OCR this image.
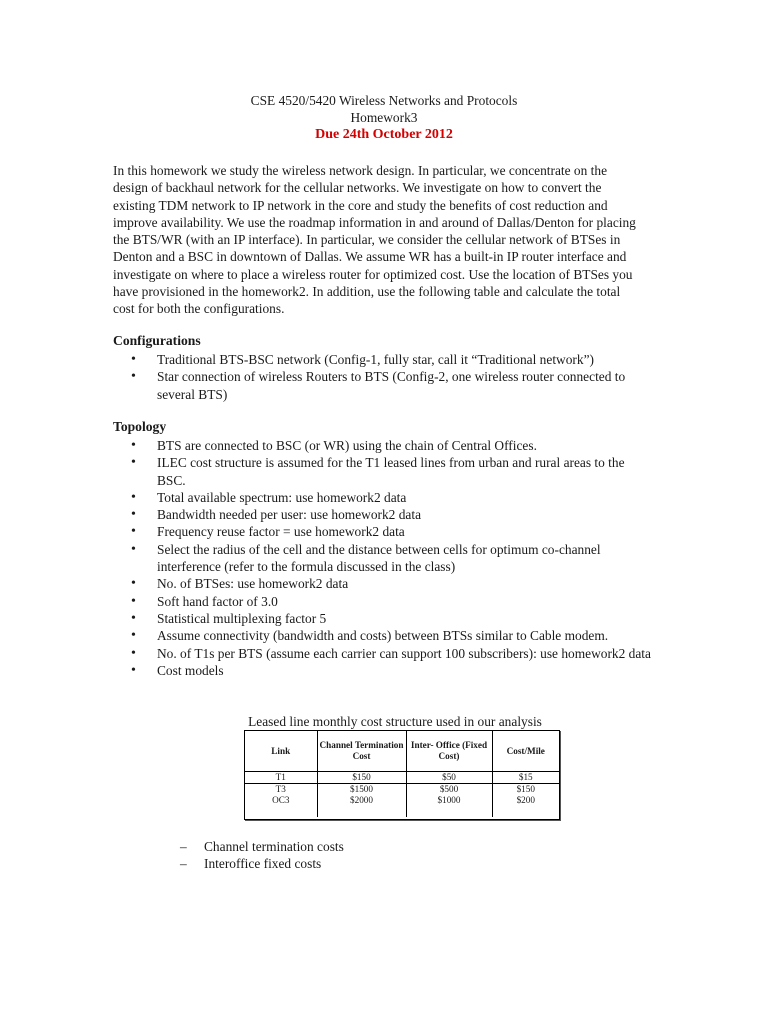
CSE 4520/5420 Wireless Networks and Protocols
Homework3
Due 24th October 2012

In this homework we study the wireless network design. In particular, we concentrate on the design of backhaul network for the cellular networks. We investigate on how to convert the existing TDM network to IP network in the core and study the benefits of cost reduction and improve availability. We use the roadmap information in and around of Dallas/Denton for placing the BTS/WR (with an IP interface). In particular, we consider the cellular network of BTSes in Denton and a BSC in downtown of Dallas. We assume WR has a built-in IP router interface and investigate on where to place a wireless router for optimized cost. Use the location of BTSes you have provisioned in the homework2. In addition, use the following table and calculate the total cost for both the configurations.

Configurations
• Traditional BTS-BSC network (Config-1, fully star, call it “Traditional network”)
• Star connection of wireless Routers to BTS (Config-2, one wireless router connected to several BTS)
Topology
• BTS are connected to BSC (or WR) using the chain of Central Offices.
• ILEC cost structure is assumed for the T1 leased lines from urban and rural areas to the BSC.
• Total available spectrum: use homework2 data
• Bandwidth needed per user: use homework2 data
• Frequency reuse factor = use homework2 data
• Select the radius of the cell and the distance between cells for optimum co-channel interference (refer to the formula discussed in the class)
• No. of BTSes: use homework2 data
• Soft hand factor of 3.0
• Statistical multiplexing factor 5
• Assume connectivity (bandwidth and costs) between BTSs similar to Cable modem.
• No. of T1s per BTS (assume each carrier can support 100 subscribers): use homework2 data
• Cost models
Leased line monthly cost structure used in our analysis
Link	Channel Termination Cost	Inter- Office (Fixed Cost)	Cost/Mile
T1	$150	$50	$15
T3	$1500	$500	$150
OC3	$2000	$1000	$200

– Channel termination costs
– Interoffice fixed costs
